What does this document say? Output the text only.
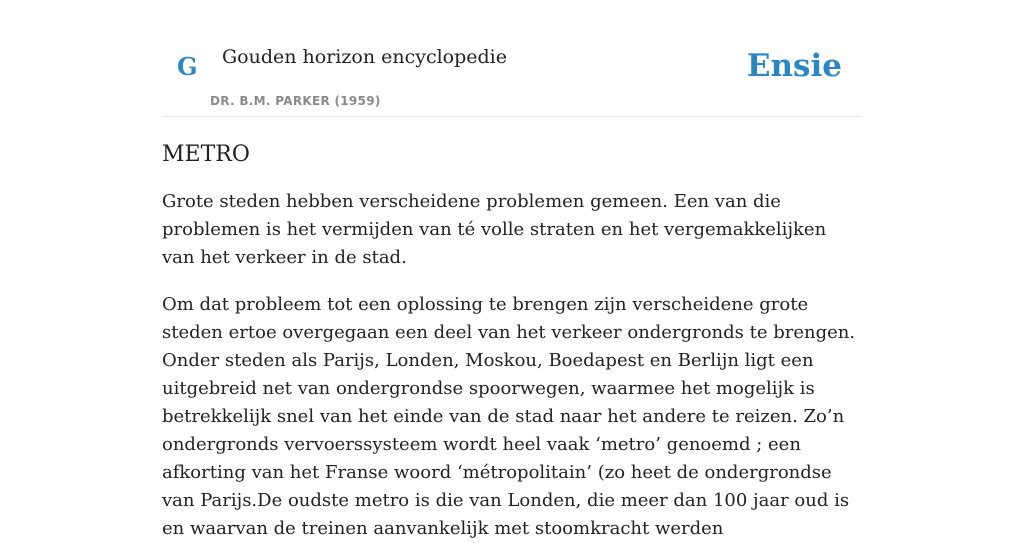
G Gouden horizon encyclopedie
DR. B.M. PARKER (1959)
Ensie
METRO

Grote steden hebben verscheidene problemen gemeen. Een van die problemen is het vermijden van té volle straten en het vergemakkelijken van het verkeer in de stad.

Om dat probleem tot een oplossing te brengen zijn verscheidene grote steden ertoe overgegaan een deel van het verkeer ondergronds te brengen. Onder steden als Parijs, Londen, Moskou, Boedapest en Berlijn ligt een uitgebreid net van ondergrondse spoorwegen, waarmee het mogelijk is betrekkelijk snel van het einde van de stad naar het andere te reizen. Zo’n ondergronds vervoerssysteem wordt heel vaak ‘metro’ genoemd ; een afkorting van het Franse woord ‘métropolitain’ (zo heet de ondergrondse van Parijs.De oudste metro is die van Londen, die meer dan 100 jaar oud is en waarvan de treinen aanvankelijk met stoomkracht werden
